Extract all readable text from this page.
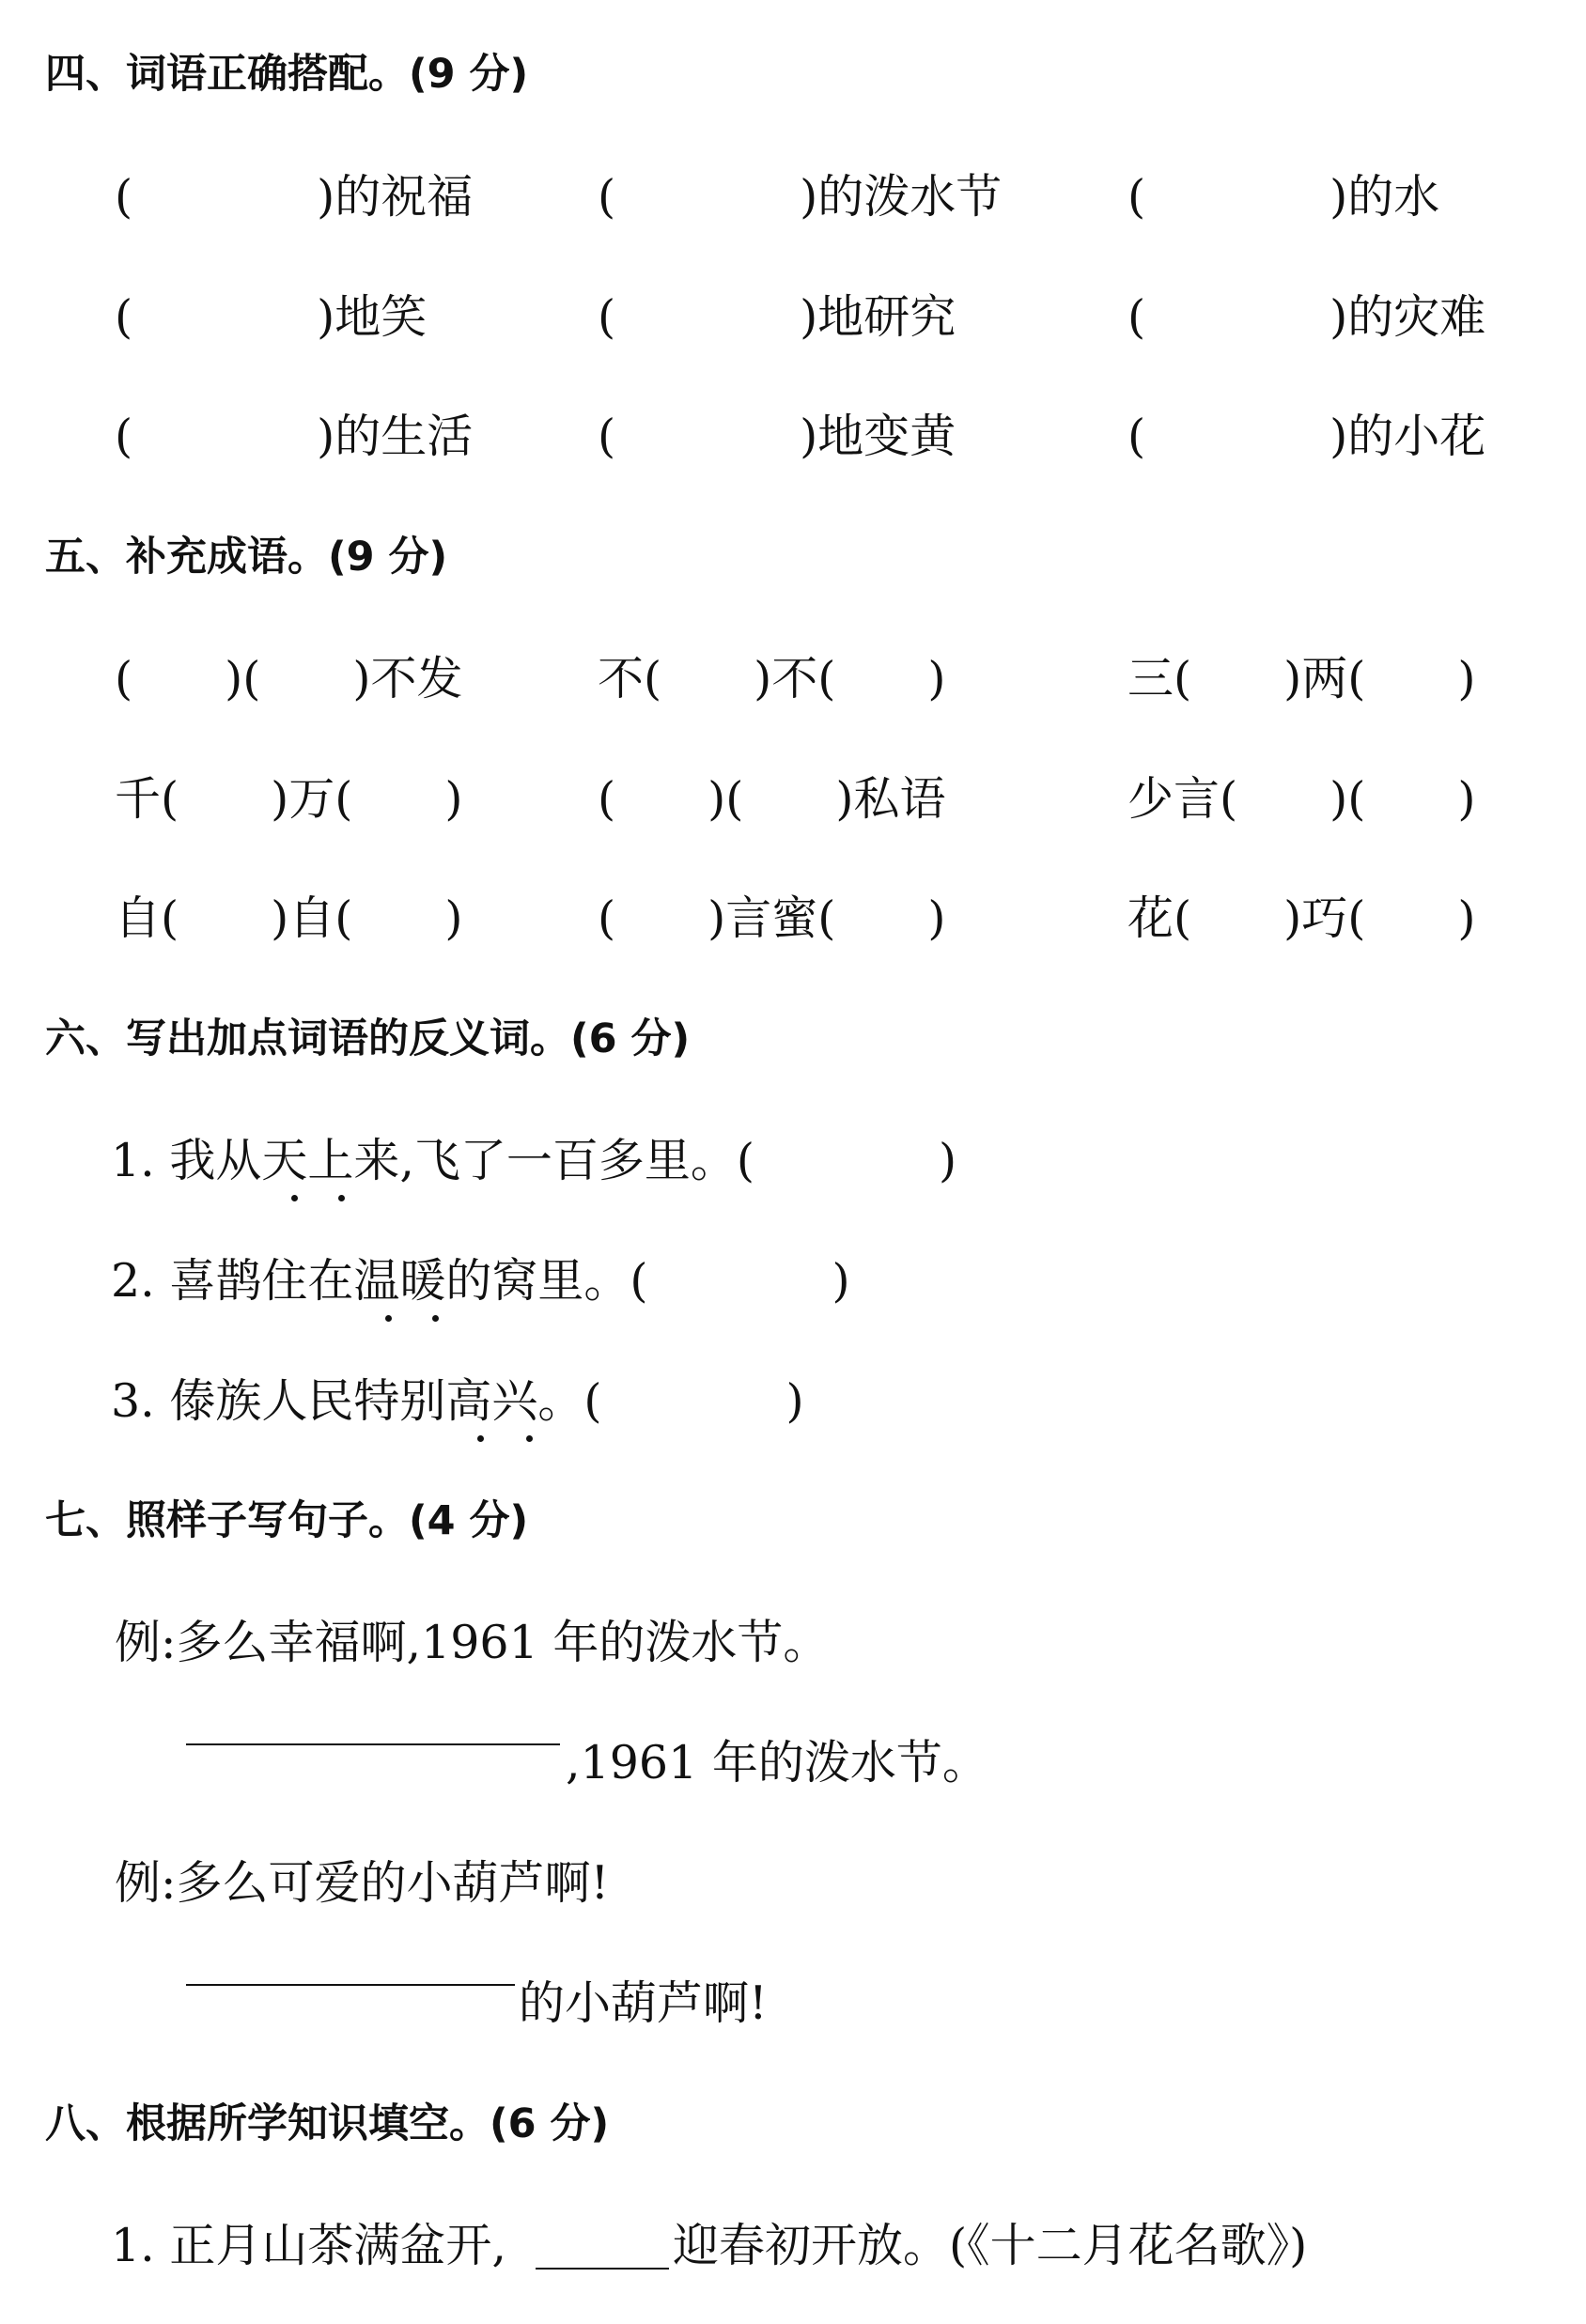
四、词语正确搭配。(9 分)
(　　　　)的祝福	(　　　　)的泼水节	(　　　　)的水
(　　　　)地笑	(　　　　)地研究	(　　　　)的灾难
(　　　　)的生活	(　　　　)地变黄	(　　　　)的小花
五、补充成语。(9 分)
(　　)(　　)不发	不(　　)不(　　)	三(　　)两(　　)
千(　　)万(　　)	(　　)(　　)私语	少言(　　)(　　)
自(　　)自(　　)	(　　)言蜜(　　)	花(　　)巧(　　)
六、写出加点词语的反义词。(6 分)
1. 我从天上来,飞了一百多里。(　　　　)
2. 喜鹊住在温暖的窝里。(　　　　)
3. 傣族人民特别高兴。(　　　　)
七、照样子写句子。(4 分)
例:多么幸福啊,1961 年的泼水节。
,1961 年的泼水节。
例:多么可爱的小葫芦啊!
的小葫芦啊!
八、根据所学知识填空。(6 分)
1. 正月山茶满盆开,	迎春初开放。(《十二月花名歌》)
